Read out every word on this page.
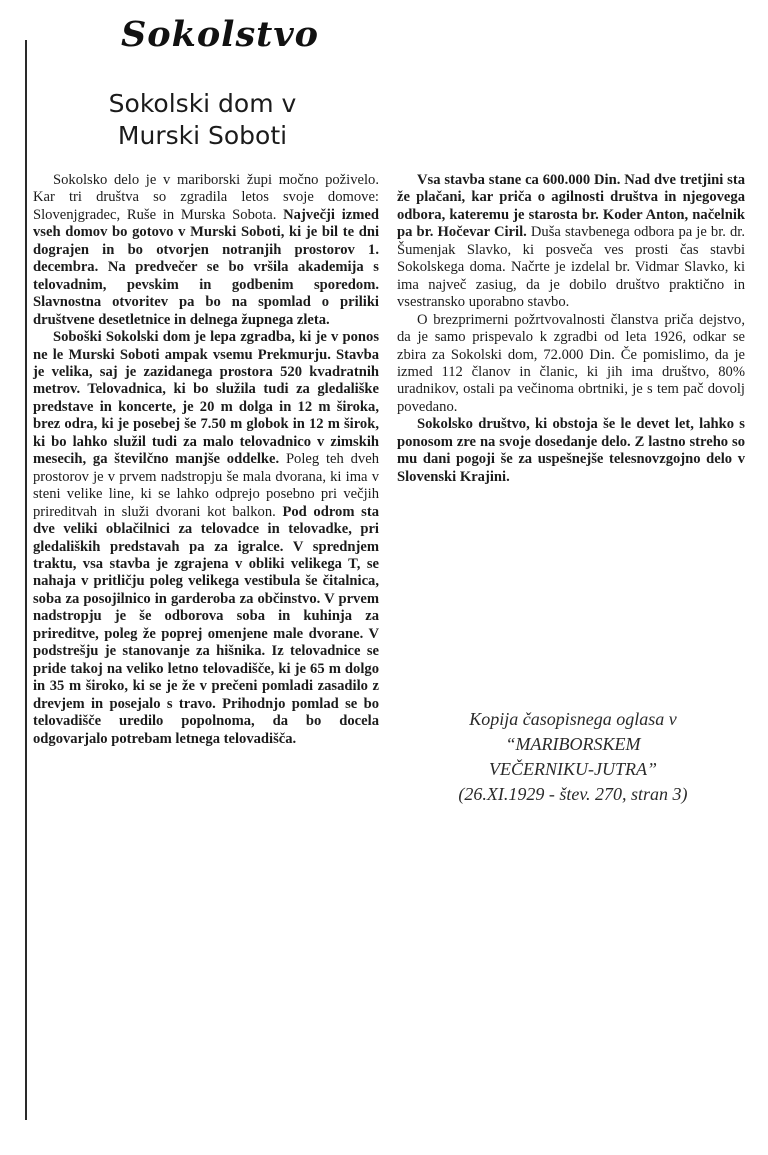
Sokolstvo
Sokolski dom v
Murski Soboti

Sokolsko delo je v mariborski župi močno poživelo. Kar tri društva so zgradila letos svoje domove: Slovenjgradec, Ruše in Murska Sobota. Največji izmed vseh domov bo gotovo v Murski Soboti, ki je bil te dni dograjen in bo otvorjen notranjih prostorov 1. decembra. Na predvečer se bo vršila akademija s telovadnim, pevskim in godbenim sporedom. Slavnostna otvoritev pa bo na spomlad o priliki društvene desetletnice in delnega župnega zleta.

Soboški Sokolski dom je lepa zgradba, ki je v ponos ne le Murski Soboti ampak vsemu Prekmurju. Stavba je velika, saj je zazidanega prostora 520 kvadratnih metrov. Telovadnica, ki bo služila tudi za gledališke predstave in koncerte, je 20 m dolga in 12 m široka, brez odra, ki je posebej še 7.50 m globok in 12 m širok, ki bo lahko služil tudi za malo telovadnico v zimskih mesecih, ga številčno manjše oddelke. Poleg teh dveh prostorov je v prvem nadstropju še mala dvorana, ki ima v steni velike line, ki se lahko odprejo posebno pri večjih prireditvah in služi dvorani kot balkon. Pod odrom sta dve veliki oblačilnici za telovadce in telovadke, pri gledaliških predstavah pa za igralce. V sprednjem traktu, vsa stavba je zgrajena v obliki velikega T, se nahaja v pritličju poleg velikega vestibula še čitalnica, soba za posojilnico in garderoba za občinstvo. V prvem nadstropju je še odborova soba in kuhinja za prireditve, poleg že poprej omenjene male dvorane. V podstrešju je stanovanje za hišnika. Iz telovadnice se pride takoj na veliko letno telovadišče, ki je 65 m dolgo in 35 m široko, ki se je že v prečeni pomladi zasadilo z drevjem in posejalo s travo. Prihodnjo pomlad se bo telovadišče uredilo popolnoma, da bo docela odgovarjalo potrebam letnega telovadišča.

Vsa stavba stane ca 600.000 Din. Nad dve tretjini sta že plačani, kar priča o agilnosti društva in njegovega odbora, kateremu je starosta br. Koder Anton, načelnik pa br. Hočevar Ciril. Duša stavbenega odbora pa je br. dr. Šumenjak Slavko, ki posveča ves prosti čas stavbi Sokolskega doma. Načrte je izdelal br. Vidmar Slavko, ki ima največ zasiug, da je dobilo društvo praktično in vsestransko uporabno stavbo.

O brezprimerni požrtvovalnosti članstva priča dejstvo, da je samo prispevalo k zgradbi od leta 1926, odkar se zbira za Sokolski dom, 72.000 Din. Če pomislimo, da je izmed 112 članov in članic, ki jih ima društvo, 80% uradnikov, ostali pa večinoma obrtniki, je s tem pač dovolj povedano.

Sokolsko društvo, ki obstoja še le devet let, lahko s ponosom zre na svoje dosedanje delo. Z lastno streho so mu dani pogoji še za uspešnejše telesnovzgojno delo v Slovenski Krajini.

Kopija časopisnega oglasa v
“MARIBORSKEM
VEČERNIKU-JUTRA”
(26.XI.1929 - štev. 270, stran 3)
